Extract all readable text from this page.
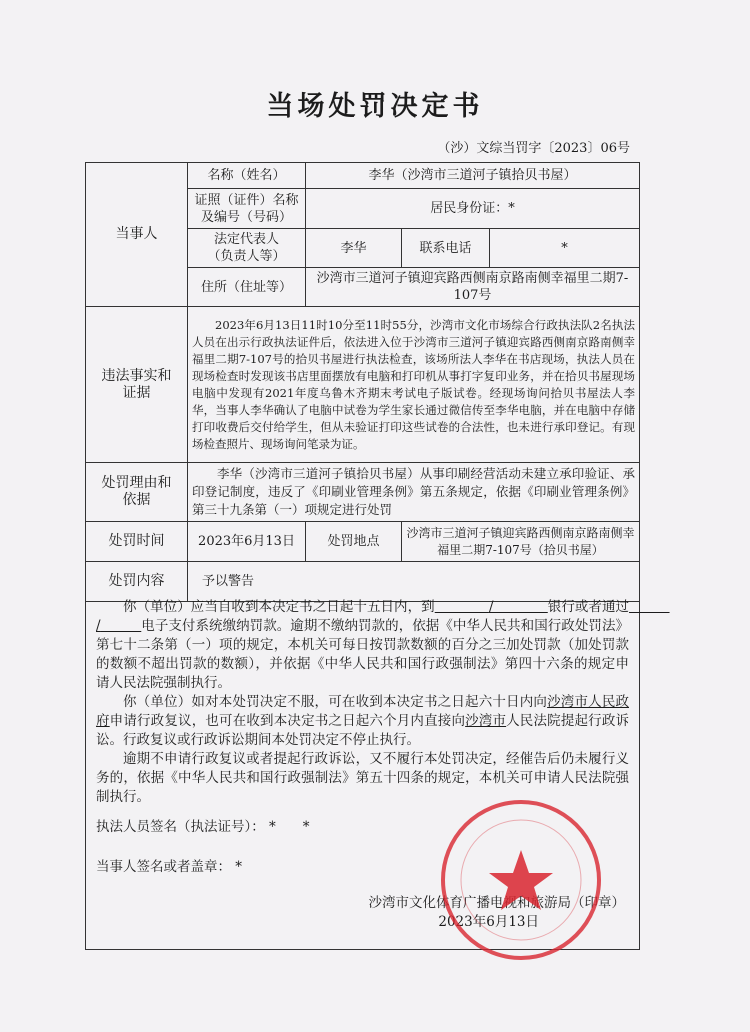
当场处罚决定书
（沙）文综当罚字〔2023〕06号
当事人	名称（姓名）	李华（沙湾市三道河子镇拾贝书屋）		

	证照（证件）名称
及编号（号码）	居民身份证：*		

	法定代表人
（负责人等）	李华	联系电话	*
	住所（住址等）	沙湾市三道河子镇迎宾路西侧南京路南侧幸福里二期7-107号		

违法事实和
证据	2023年6月13日11时10分至11时55分，沙湾市文化市场综合行政执法队2名执法人员在出示行政执法证件后，依法进入位于沙湾市三道河子镇迎宾路西侧南京路南侧幸福里二期7-107号的拾贝书屋进行执法检查，该场所法人李华在书店现场，执法人员在现场检查时发现该书店里面摆放有电脑和打印机从事打字复印业务，并在拾贝书屋现场电脑中发现有2021年度乌鲁木齐期末考试电子版试卷。经现场询问拾贝书屋法人李华，当事人李华确认了电脑中试卷为学生家长通过微信传至李华电脑，并在电脑中存储打印收费后交付给学生，但从未验证打印这些试卷的合法性，也未进行承印登记。有现场检查照片、现场询问笔录为证。			

处罚理由和
依据	李华（沙湾市三道河子镇拾贝书屋）从事印刷经营活动未建立承印验证、承印登记制度，违反了《印刷业管理条例》第五条规定，依据《印刷业管理条例》第三十九条第（一）项规定进行处罚			
处罚时间	2023年6月13日	处罚地点	沙湾市三道河子镇迎宾路西侧南京路南侧幸福里二期7-107号（拾贝书屋）	
处罚内容	予以警告			

你（单位）应当自收到本决定书之日起十五日内，到　　　　	/　　　　	银行或者通过　　　/　　　	电子支付系统缴纳罚款。逾期不缴纳罚款的，依据《中华人民共和国行政处罚法》第七十二条第（一）项的规定，本机关可每日按罚款数额的百分之三加处罚款（加处罚款的数额不超出罚款的数额），并依据《中华人民共和国行政强制法》第四十六条的规定申请人民法院强制执行。

你（单位）如对本处罚决定不服，可在收到本决定书之日起六十日内向沙湾市人民政府申请行政复议，也可在收到本决定书之日起六个月内直接向沙湾市人民法院提起行政诉讼。行政复议或行政诉讼期间本处罚决定不停止执行。

逾期不申请行政复议或者提起行政诉讼，又不履行本处罚决定，经催告后仍未履行义务的，依据《中华人民共和国行政强制法》第五十四条的规定，本机关可申请人民法院强制执行。

执法人员签名（执法证号）： *　　*
当事人签名或者盖章： *
沙湾市文化体育广播电视和旅游局（印章）
2023年6月13日
